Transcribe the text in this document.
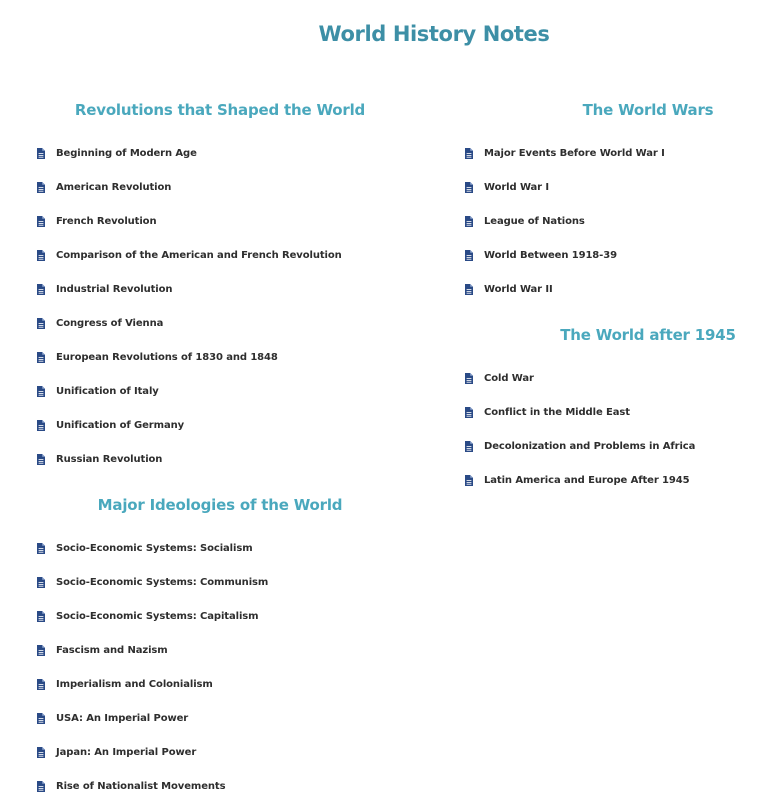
World History Notes
Revolutions that Shaped the World
Beginning of Modern Age
American Revolution
French Revolution
Comparison of the American and French Revolution
Industrial Revolution
Congress of Vienna
European Revolutions of 1830 and 1848
Unification of Italy
Unification of Germany
Russian Revolution
Major Ideologies of the World
Socio-Economic Systems: Socialism
Socio-Economic Systems: Communism
Socio-Economic Systems: Capitalism
Fascism and Nazism
Imperialism and Colonialism
USA: An Imperial Power
Japan: An Imperial Power
Rise of Nationalist Movements
The World Wars
Major Events Before World War I
World War I
League of Nations
World Between 1918-39
World War II
The World after 1945
Cold War
Conflict in the Middle East
Decolonization and Problems in Africa
Latin America and Europe After 1945
